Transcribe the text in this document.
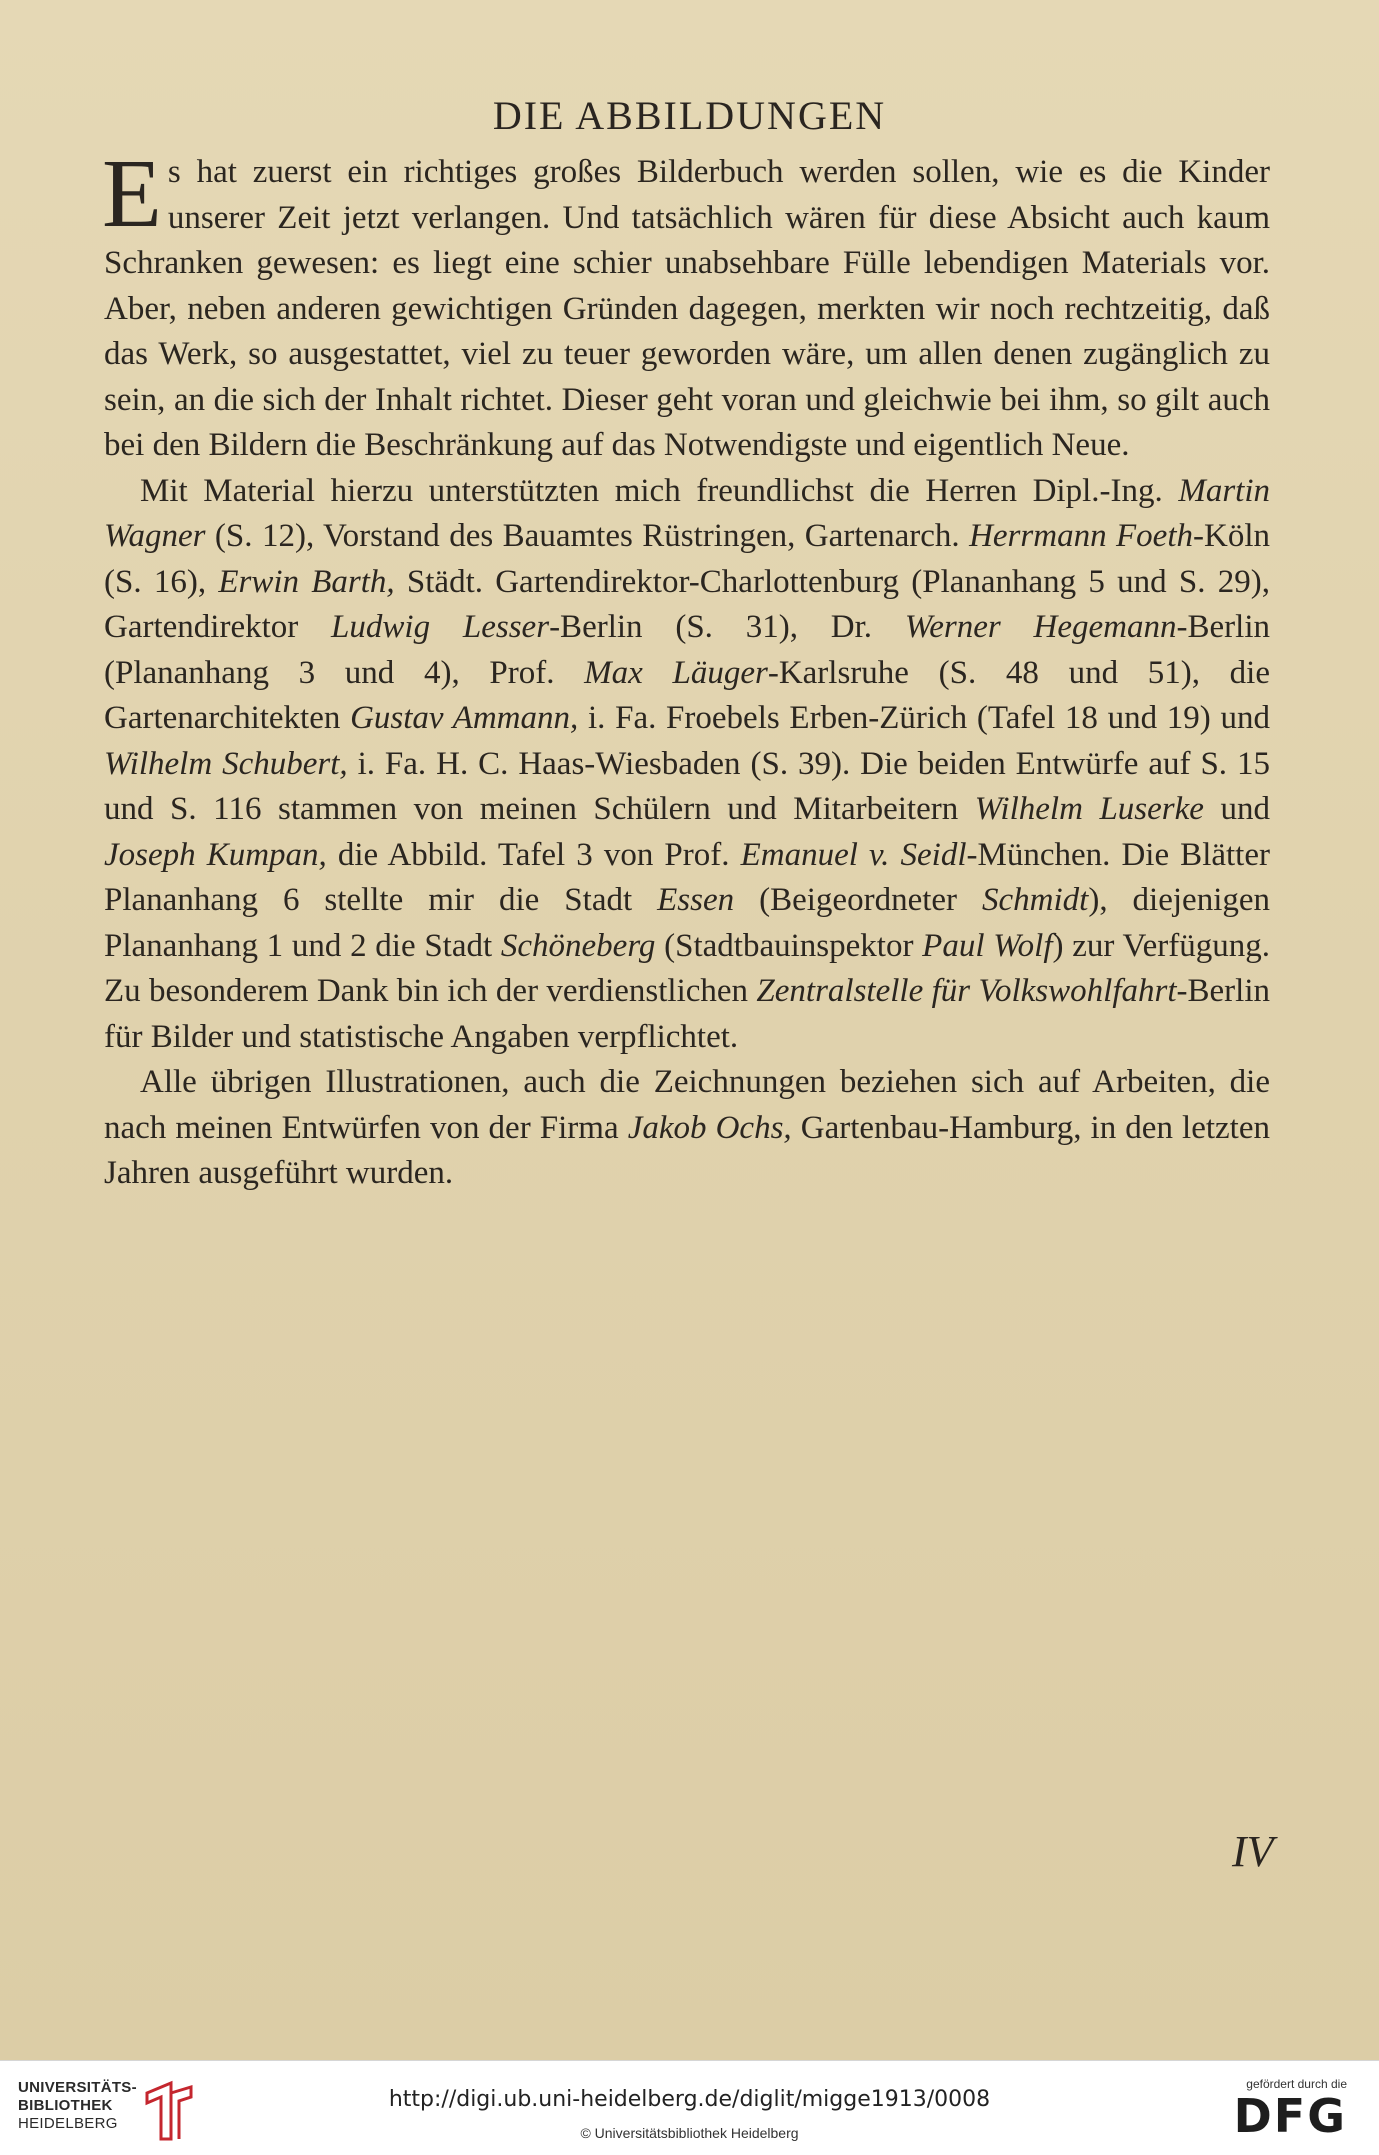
DIE ABBILDUNGEN

Es hat zuerst ein richtiges großes Bilderbuch werden sollen, wie es die Kinder unserer Zeit jetzt verlangen. Und tatsächlich wären für diese Absicht auch kaum Schranken gewesen: es liegt eine schier unabsehbare Fülle lebendigen Materials vor. Aber, neben anderen gewichtigen Gründen dagegen, merkten wir noch rechtzeitig, daß das Werk, so ausgestattet, viel zu teuer geworden wäre, um allen denen zugänglich zu sein, an die sich der Inhalt richtet. Dieser geht voran und gleichwie bei ihm, so gilt auch bei den Bildern die Beschränkung auf das Notwendigste und eigentlich Neue.

Mit Material hierzu unterstützten mich freundlichst die Herren Dipl.-Ing. Martin Wagner (S. 12), Vorstand des Bauamtes Rüstringen, Gartenarch. Herrmann Foeth-Köln (S. 16), Erwin Barth, Städt. Gartendirektor-Charlottenburg (Plananhang 5 und S. 29), Gartendirektor Ludwig Lesser-Berlin (S. 31), Dr. Werner Hegemann-Berlin (Plananhang 3 und 4), Prof. Max Läuger-Karlsruhe (S. 48 und 51), die Gartenarchitekten Gustav Ammann, i. Fa. Froebels Erben-Zürich (Tafel 18 und 19) und Wilhelm Schubert, i. Fa. H. C. Haas-Wiesbaden (S. 39). Die beiden Entwürfe auf S. 15 und S. 116 stammen von meinen Schülern und Mitarbeitern Wilhelm Luserke und Joseph Kumpan, die Abbild. Tafel 3 von Prof. Emanuel v. Seidl-München. Die Blätter Plananhang 6 stellte mir die Stadt Essen (Beigeordneter Schmidt), diejenigen Plananhang 1 und 2 die Stadt Schöneberg (Stadtbauinspektor Paul Wolf) zur Verfügung. Zu besonderem Dank bin ich der verdienstlichen Zentralstelle für Volkswohlfahrt-Berlin für Bilder und statistische Angaben verpflichtet.

Alle übrigen Illustrationen, auch die Zeichnungen beziehen sich auf Arbeiten, die nach meinen Entwürfen von der Firma Jakob Ochs, Gartenbau-Hamburg, in den letzten Jahren ausgeführt wurden.

IV
UNIVERSITÄTS-
BIBLIOTHEK
HEIDELBERG
http://digi.ub.uni-heidelberg.de/diglit/migge1913/0008
© Universitätsbibliothek Heidelberg
gefördert durch die
DFG
